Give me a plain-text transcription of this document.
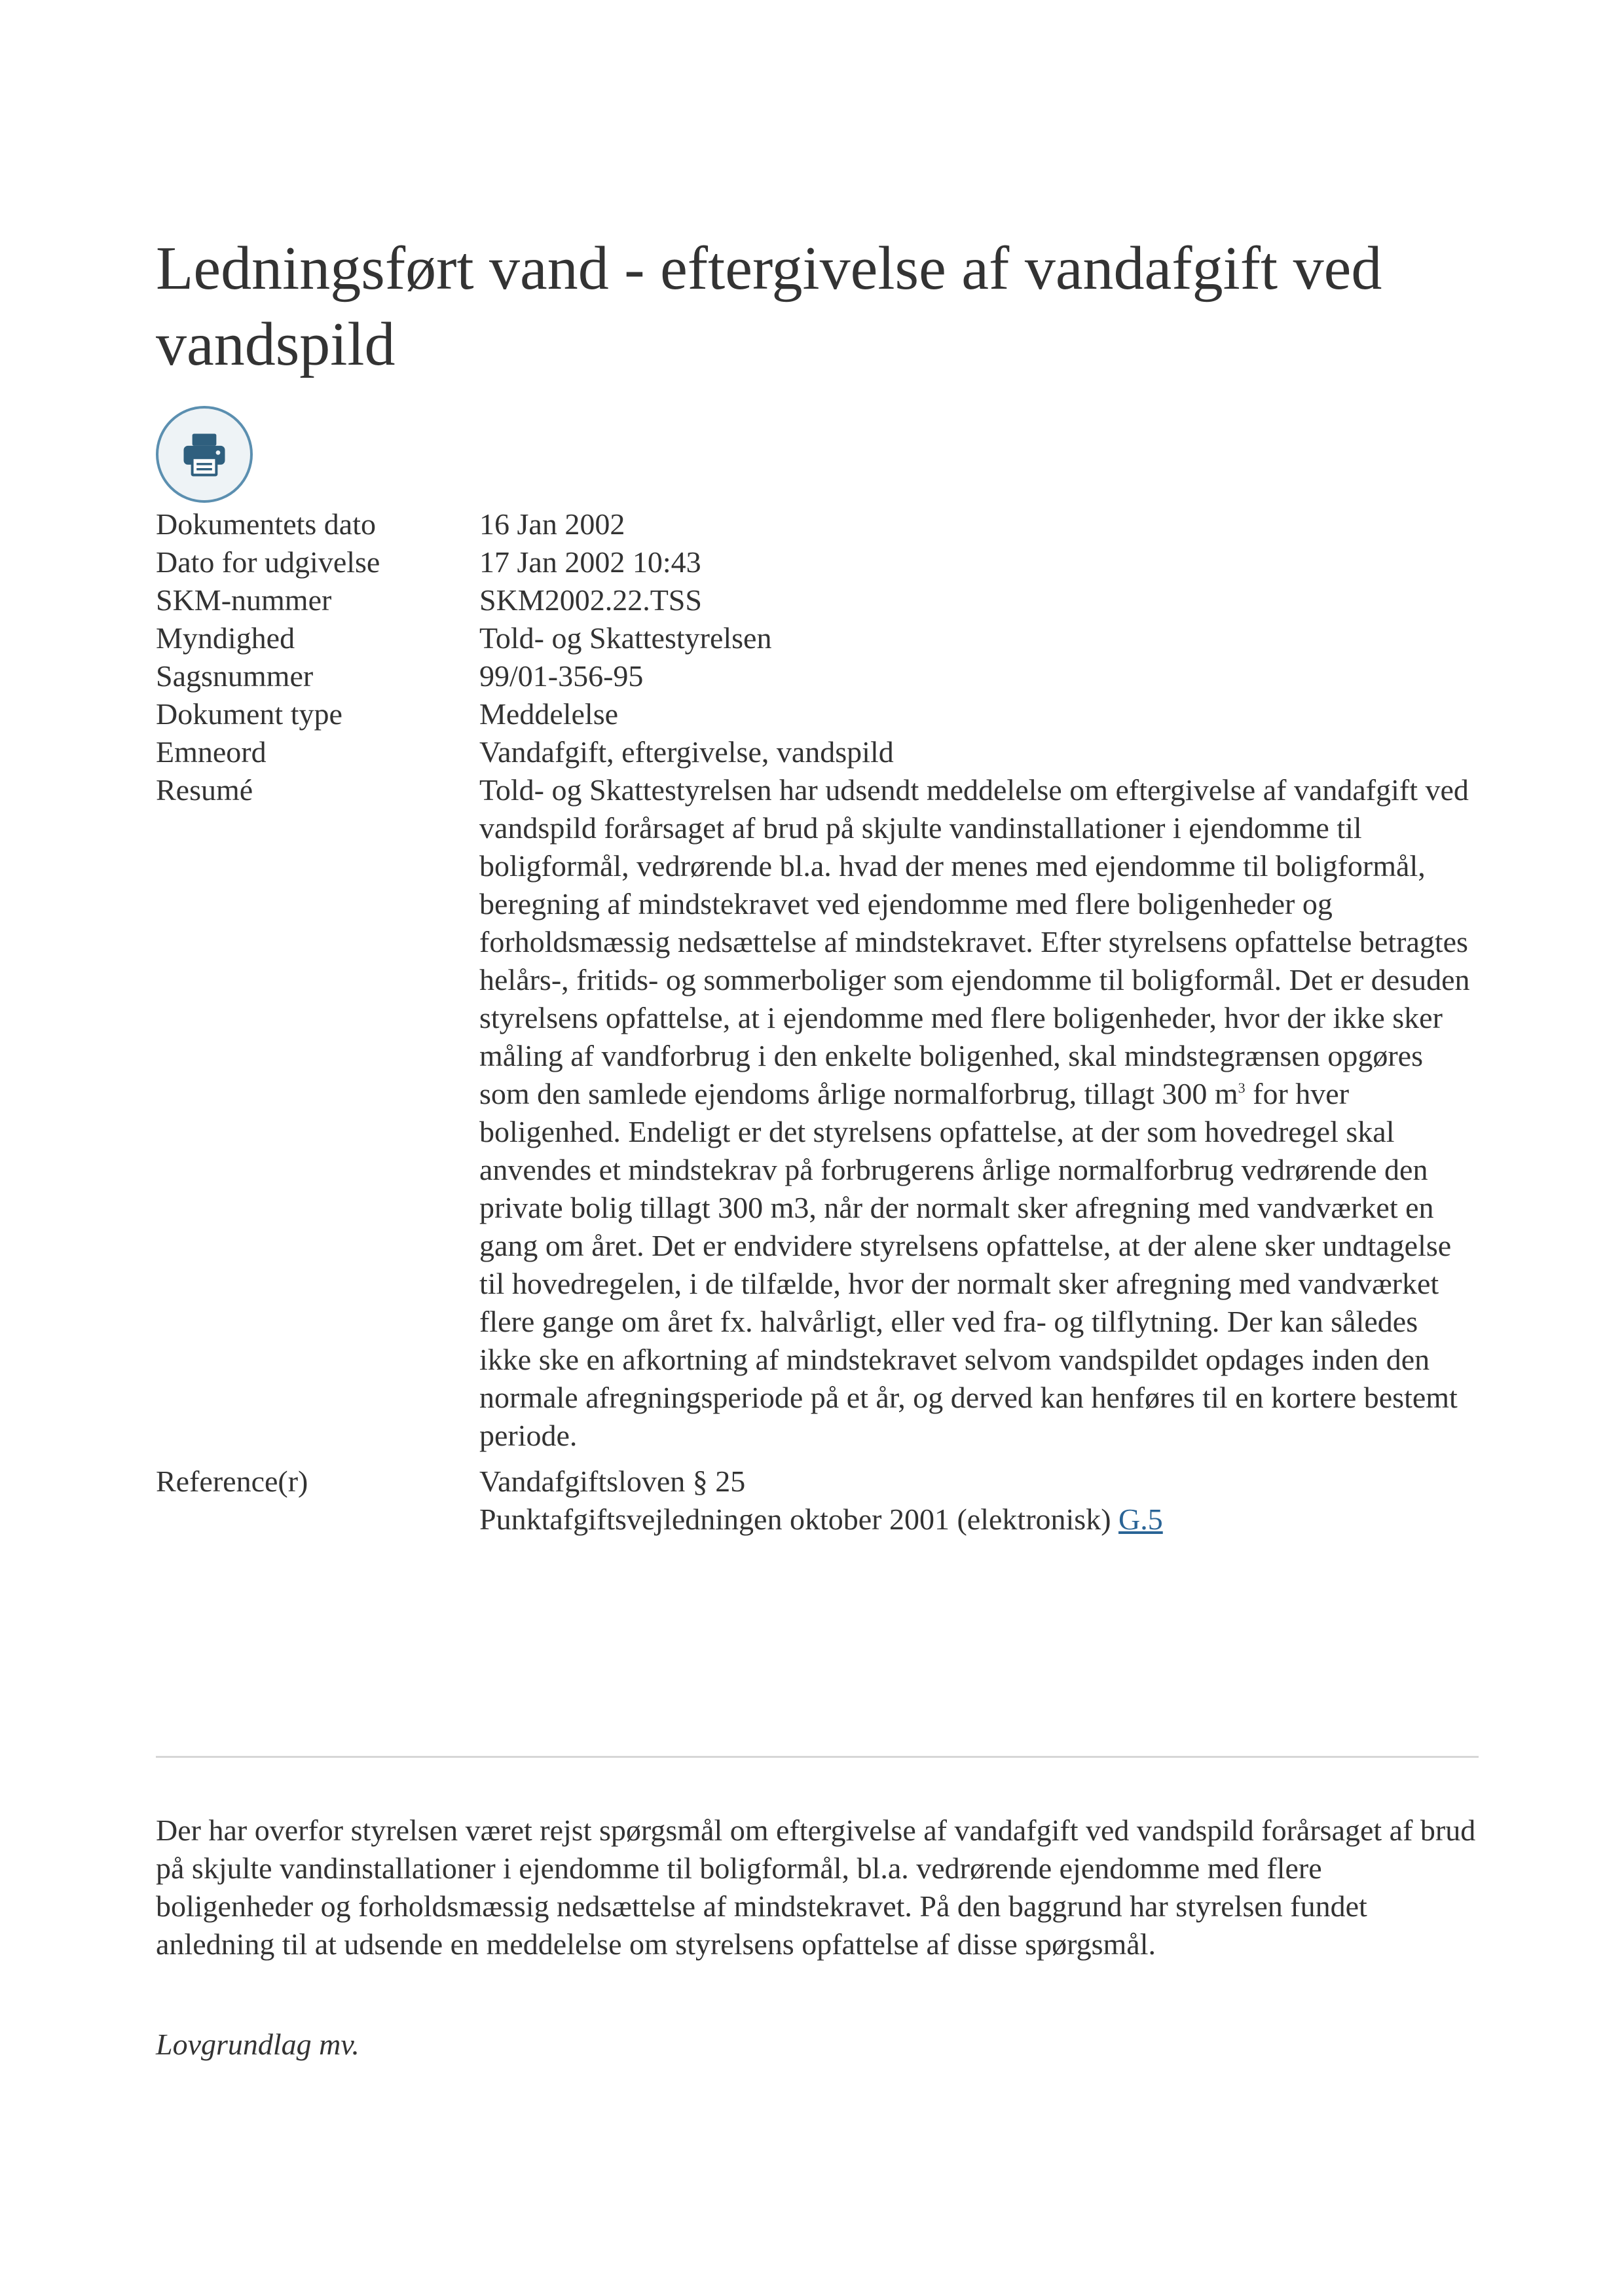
Ledningsført vand - eftergivelse af vandafgift ved vandspild
Dokumentets dato	16 Jan 2002
Dato for udgivelse	17 Jan 2002 10:43
SKM-nummer	SKM2002.22.TSS
Myndighed	Told- og Skattestyrelsen
Sagsnummer	99/01-356-95
Dokument type	Meddelelse
Emneord	Vandafgift, eftergivelse, vandspild
Resumé	Told- og Skattestyrelsen har udsendt meddelelse om eftergivelse af vandafgift ved vandspild forårsaget af brud på skjulte vandinstallationer i ejendomme til boligformål, vedrørende bl.a. hvad der menes med ejendomme til boligformål, beregning af mindstekravet ved ejendomme med flere boligenheder og forholdsmæssig nedsættelse af mindstekravet. Efter styrelsens opfattelse betragtes helårs-, fritids- og sommerboliger som ejendomme til boligformål. Det er desuden styrelsens opfattelse, at i ejendomme med flere boligenheder, hvor der ikke sker måling af vandforbrug i den enkelte boligenhed, skal mindstegrænsen opgøres som den samlede ejendoms årlige normalforbrug, tillagt 300 $m^3$ for hver boligenhed. Endeligt er det styrelsens opfattelse, at der som hovedregel skal anvendes et mindstekrav på forbrugerens årlige normalforbrug vedrørende den private bolig tillagt 300 m3, når der normalt sker afregning med vandværket en gang om året. Det er endvidere styrelsens opfattelse, at der alene sker undtagelse til hovedregelen, i de tilfælde, hvor der normalt sker afregning med vandværket flere gange om året fx. halvårligt, eller ved fra- og tilflytning. Der kan således ikke ske en afkortning af mindstekravet selvom vandspildet opdages inden den normale afregningsperiode på et år, og derved kan henføres til en kortere bestemt periode.
Reference(r)	Vandafgiftsloven § 25
Punktafgiftsvejledningen oktober 2001 (elektronisk) G.5

Der har overfor styrelsen været rejst spørgsmål om eftergivelse af vandafgift ved vandspild forårsaget af brud på skjulte vandinstallationer i ejendomme til boligformål, bl.a. vedrørende ejendomme med flere boligenheder og forholdsmæssig nedsættelse af mindstekravet. På den baggrund har styrelsen fundet anledning til at udsende en meddelelse om styrelsens opfattelse af disse spørgsmål.

Lovgrundlag mv.
